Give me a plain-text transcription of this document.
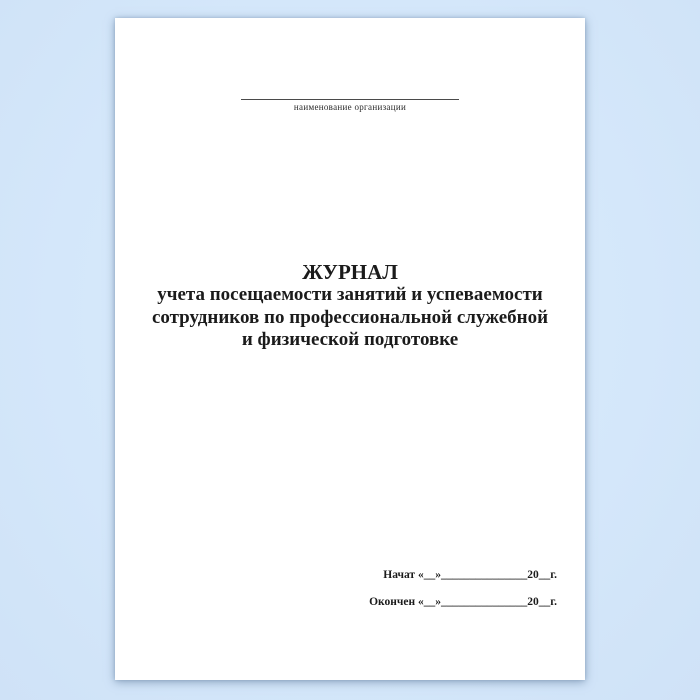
наименование организации
ЖУРНАЛ
учета посещаемости занятий и успеваемости
сотрудников по профессиональной служебной
и физической подготовке
Начат «__»_______________20__г.
Окончен «__»_______________20__г.
